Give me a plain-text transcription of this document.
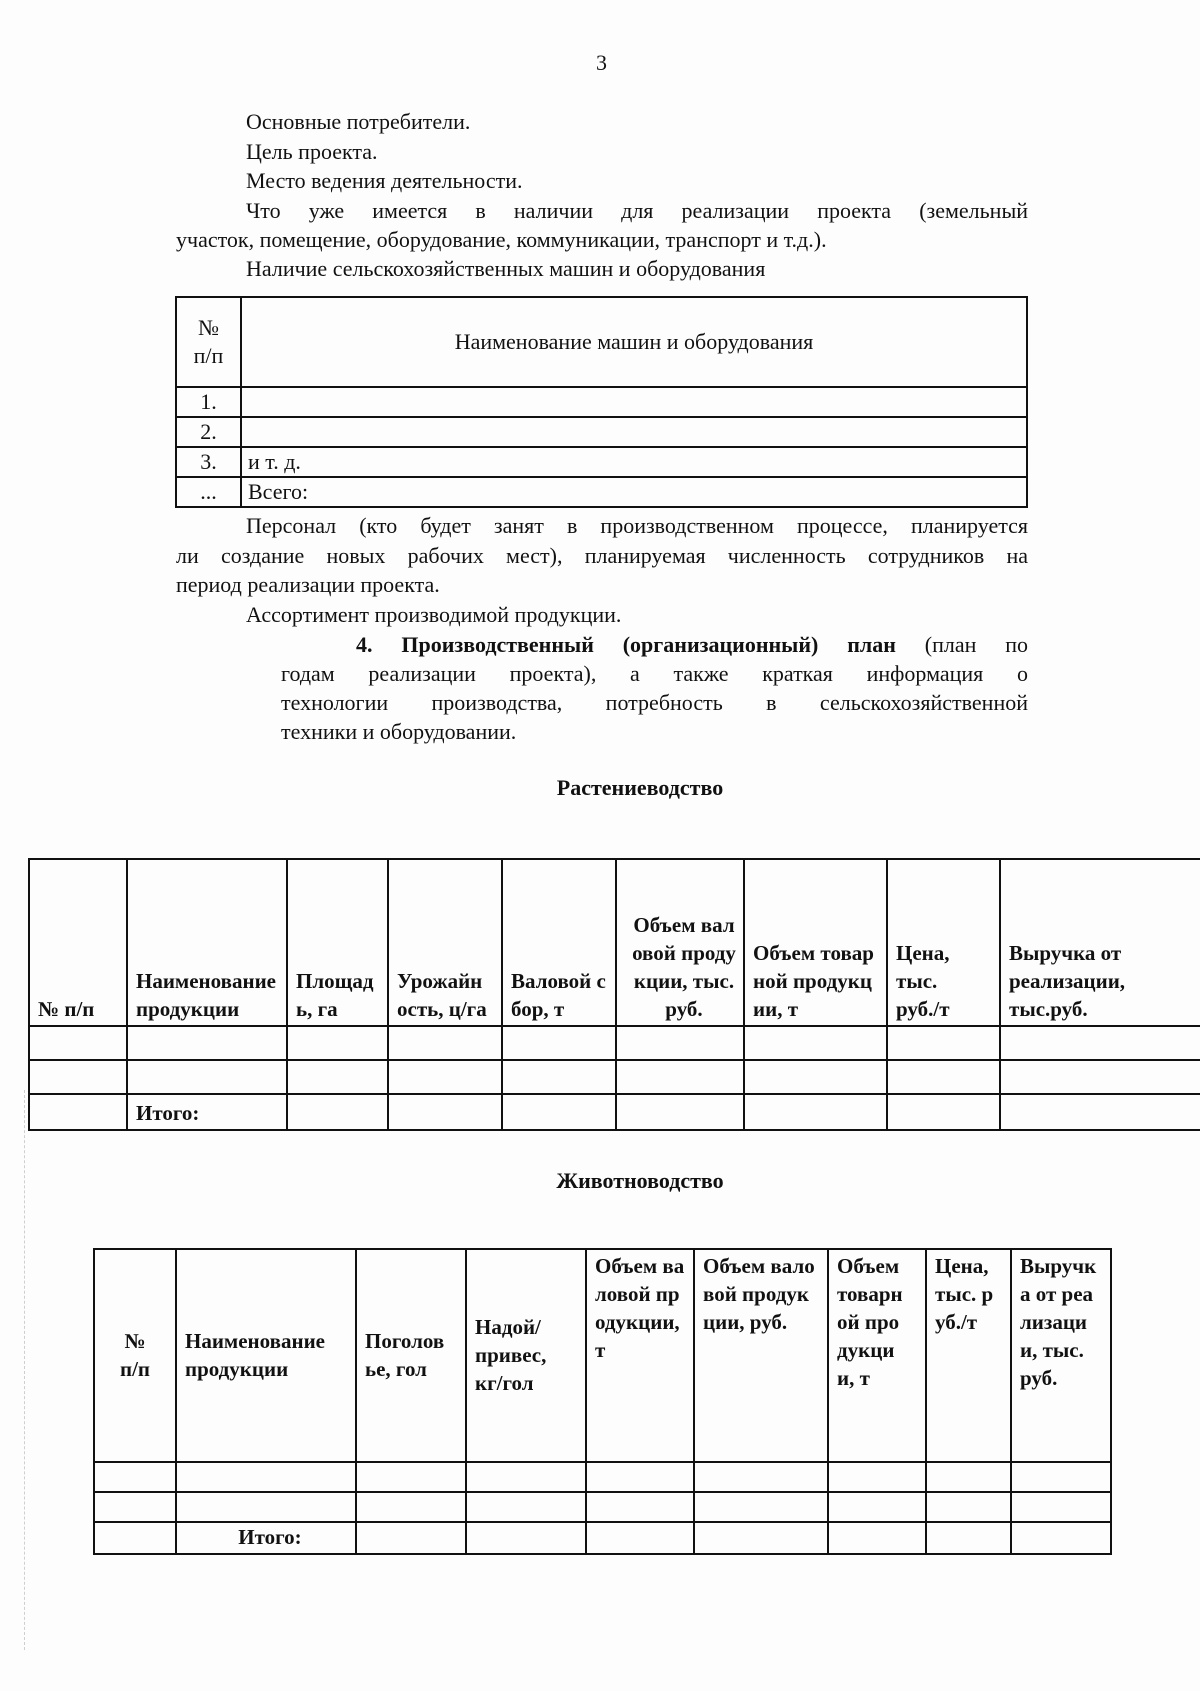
3
Основные потребители.
Цель проекта.
Место ведения деятельности.
Что уже имеется в наличии для реализации проекта (земельный
участок, помещение, оборудование, коммуникации, транспорт и т.д.).
Наличие сельскохозяйственных машин и оборудования
№ п/п	Наименование машин и оборудования
1.	
2.	
3.	и т. д.
...	Всего:
Персонал (кто будет занят в производственном процессе, планируется
ли создание новых рабочих мест), планируемая численность сотрудников на
период реализации проекта.
Ассортимент производимой продукции.
4. Производственный (организационный) план (план по
годам реализации проекта), а также краткая информация о
технологии производства, потребность в сельскохозяйственной
техники и оборудовании.
Растениеводство
№ п/п	Наименование продукции	Площадь, га	Урожайность, ц/га	Валовой сбор, т	Объем валовой продукции, тыс.руб.	Объем товарной продукции, т	Цена, тыс. руб./т	Выручка от реализации, тыс.руб.

	Итого:							
Животноводство
№ п/п	Наименование продукции	Поголовье, гол	Надой/ привес, кг/гол	Объем валовой продукции, т	Объем валовой продукции, руб.	Объем товарной продукции, т	Цена, тыс. руб./т	Выручка от реализации, тыс. руб.

	Итого:							
